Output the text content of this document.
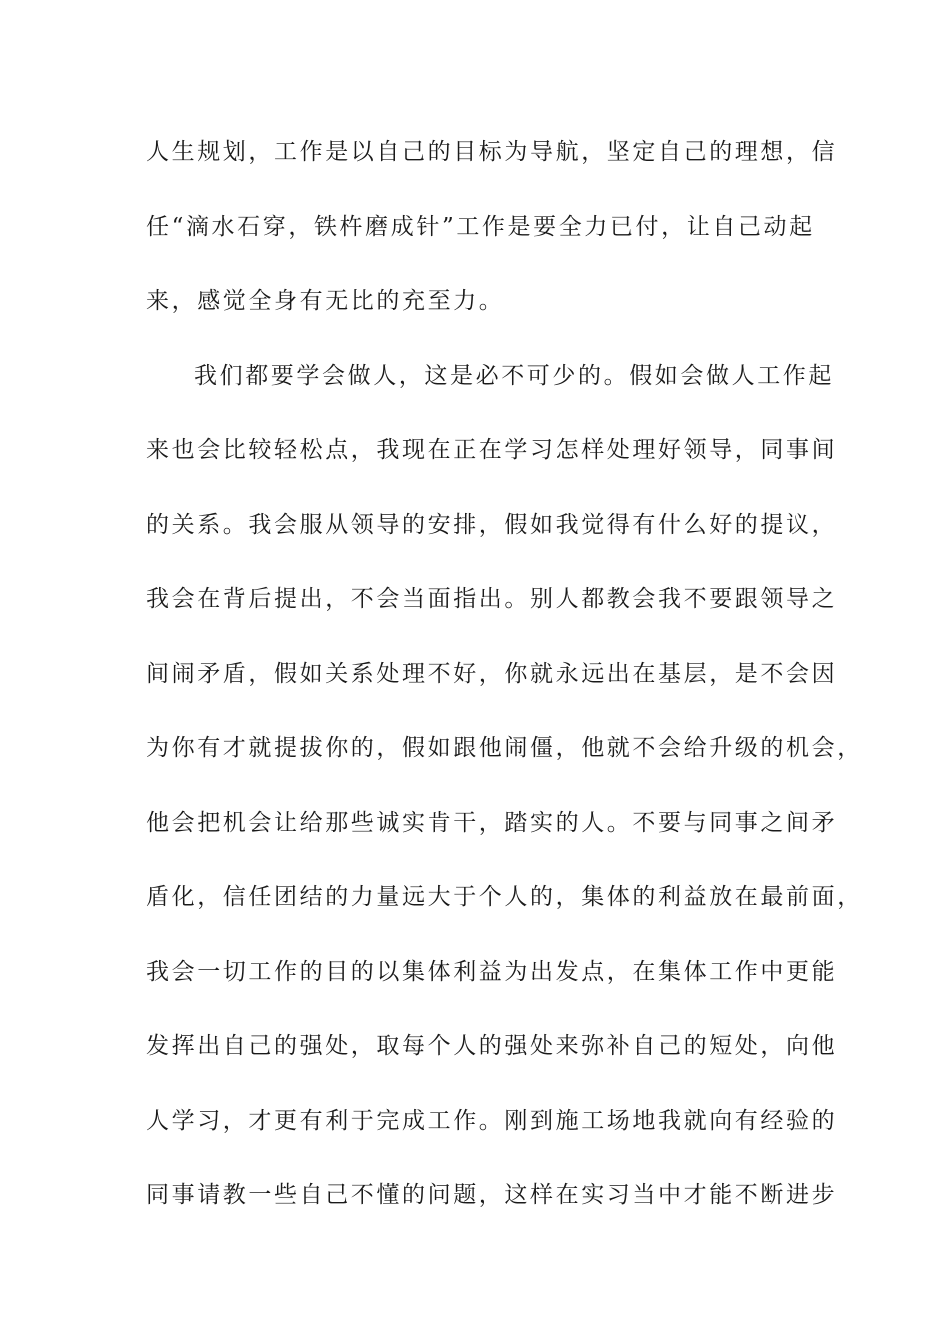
人生规划，工作是以自己的目标为导航，坚定自己的理想，信
任“滴水石穿，铁杵磨成针”工作是要全力已付，让自己动起
来，感觉全身有无比的充至力。
我们都要学会做人，这是必不可少的。假如会做人工作起
来也会比较轻松点，我现在正在学习怎样处理好领导，同事间
的关系。我会服从领导的安排，假如我觉得有什么好的提议，
我会在背后提出，不会当面指出。别人都教会我不要跟领导之
间闹矛盾，假如关系处理不好，你就永远出在基层，是不会因
为你有才就提拔你的，假如跟他闹僵，他就不会给升级的机会，
他会把机会让给那些诚实肯干，踏实的人。不要与同事之间矛
盾化，信任团结的力量远大于个人的，集体的利益放在最前面，
我会一切工作的目的以集体利益为出发点，在集体工作中更能
发挥出自己的强处，取每个人的强处来弥补自己的短处，向他
人学习，才更有利于完成工作。刚到施工场地我就向有经验的
同事请教一些自己不懂的问题，这样在实习当中才能不断进步
